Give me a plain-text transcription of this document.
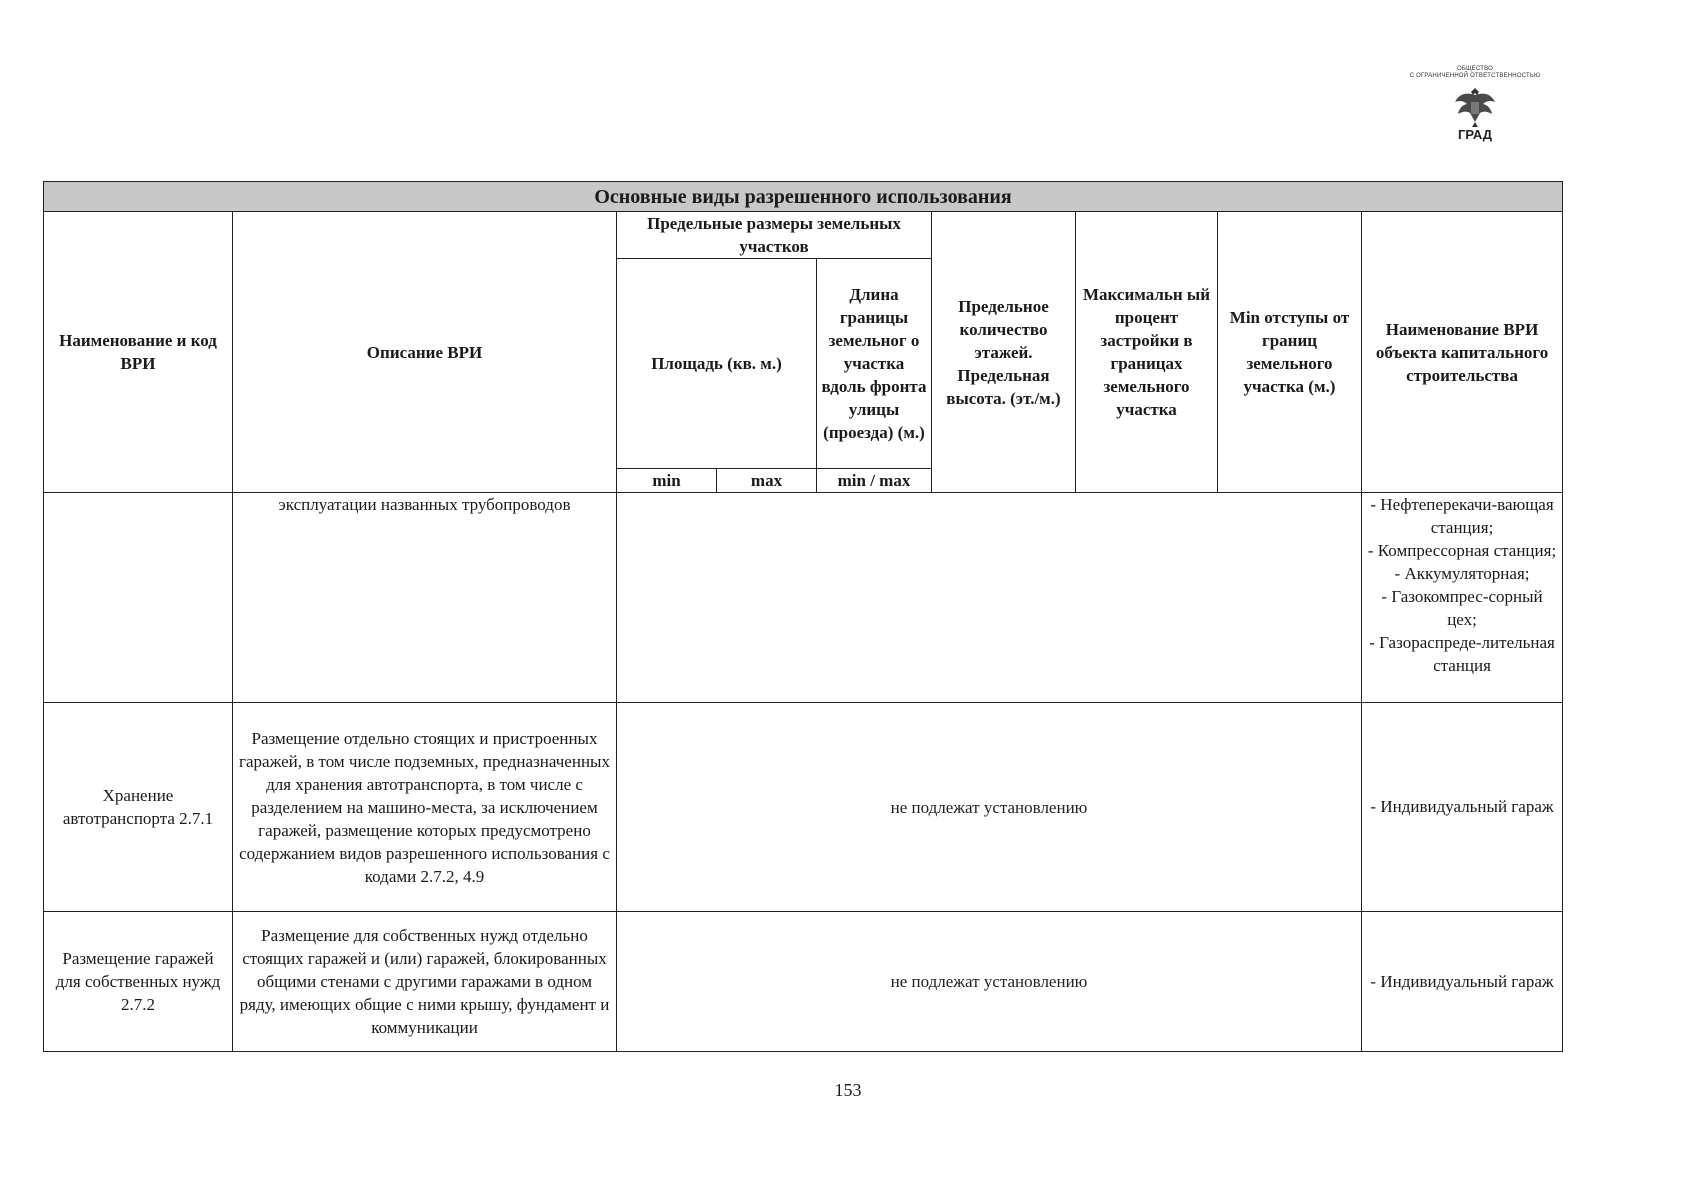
ОБЩЕСТВО
С ОГРАНИЧЕННОЙ ОТВЕТСТВЕННОСТЬЮ
ГРАД
Основные виды разрешенного использования								
Наименование и код ВРИ	Описание ВРИ	Предельные размеры земельных участков			Предельное количество этажей. Предельная высота. (эт./м.)	Максимальн ый процент застройки в границах земельного участка	Min отступы от границ земельного участка (м.)	Наименование ВРИ объекта капитального строительства
		Площадь (кв. м.)		Длина границы земельног о участка вдоль фронта улицы (проезда) (м.)				
		min	max	min / max				
	эксплуатации названных трубопроводов							- Нефтеперекачи-вающая станция;
- Компрессорная станция;
- Аккумуляторная;
- Газокомпрес-сорный цех;
- Газораспреде-лительная станция

Хранение автотранспорта 2.7.1	Размещение отдельно стоящих и пристроенных гаражей, в том числе подземных, предназначенных для хранения автотранспорта, в том числе с разделением на машино-места, за исключением гаражей, размещение которых предусмотрено содержанием видов разрешенного использования с кодами 2.7.2, 4.9	не подлежат установлению						- Индивидуальный гараж

Размещение гаражей для собственных нужд 2.7.2	Размещение для собственных нужд отдельно стоящих гаражей и (или) гаражей, блокированных общими стенами с другими гаражами в одном ряду, имеющих общие с ними крышу, фундамент и коммуникации	не подлежат установлению						- Индивидуальный гараж
153
